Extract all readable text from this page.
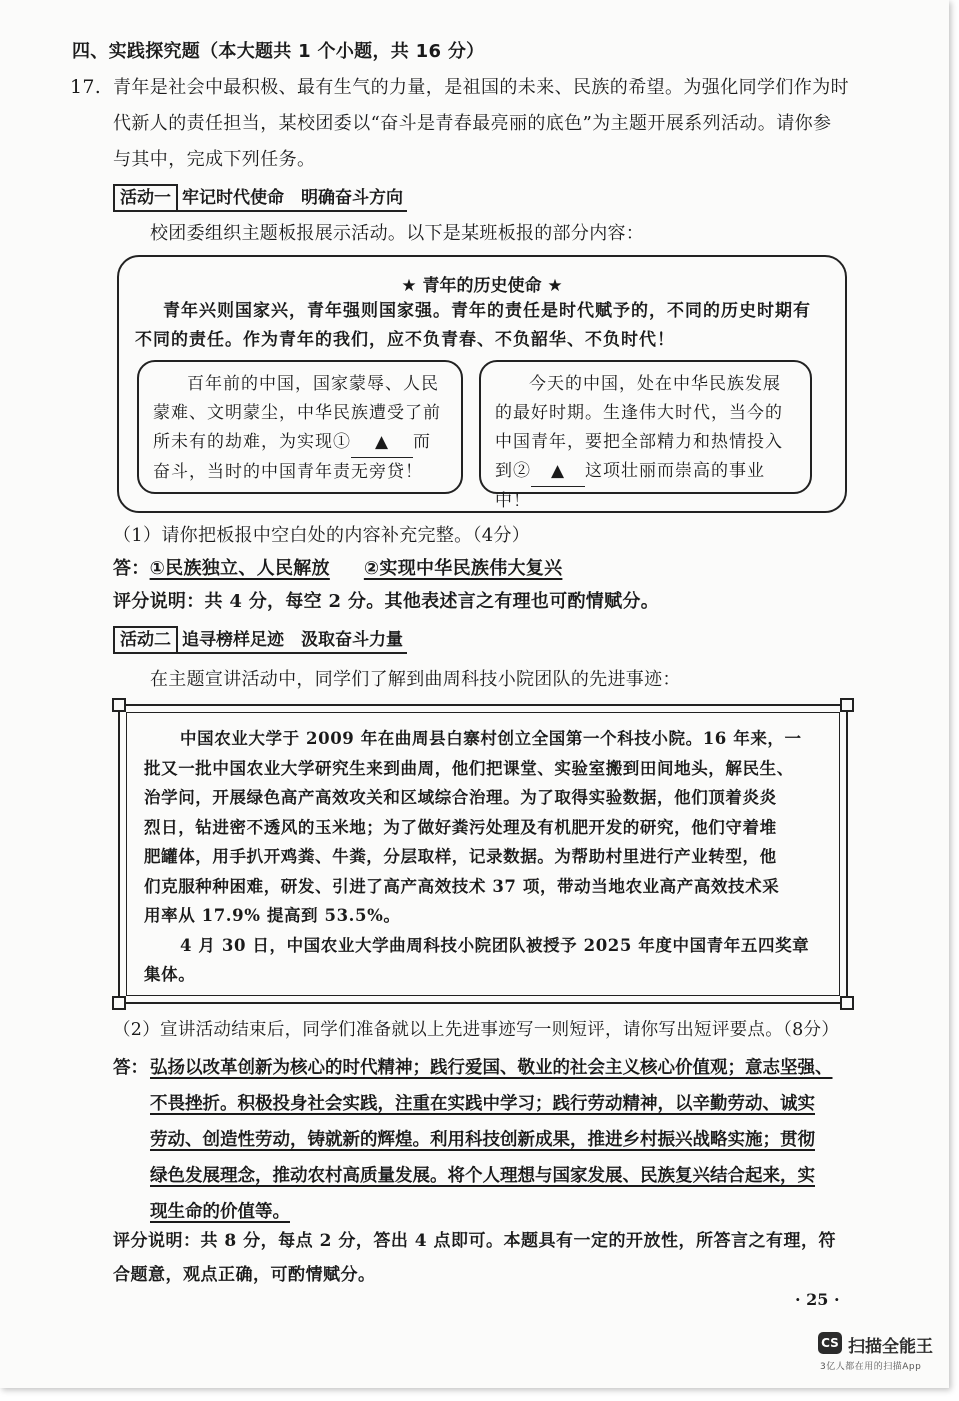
四、实践探究题（本大题共 1 个小题，共 16 分）
17. 青年是社会中最积极、最有生气的力量，是祖国的未来、民族的希望。为强化同学们作为时
代新人的责任担当，某校团委以“奋斗是青春最亮丽的底色”为主题开展系列活动。请你参
与其中，完成下列任务。
活动一 牢记时代使命　明确奋斗方向
校团委组织主题板报展示活动。以下是某班板报的部分内容：
★ 青年的历史使命 ★
青年兴则国家兴，青年强则国家强。青年的责任是时代赋予的，不同的历史时期有
不同的责任。作为青年的我们，应不负青春、不负韶华、不负时代！
百年前的中国，国家蒙辱、人民蒙难、文明蒙尘，中华民族遭受了前所未有的劫难，为实现① ▲ 而奋斗，当时的中国青年责无旁贷！
今天的中国，处在中华民族发展的最好时期。生逢伟大时代，当今的中国青年，要把全部精力和热情投入到② ▲ 这项壮丽而崇高的事业中！
（1）请你把板报中空白处的内容补充完整。（4分）
答：①民族独立、人民解放 ②实现中华民族伟大复兴
评分说明：共 4 分，每空 2 分。其他表述言之有理也可酌情赋分。
活动二 追寻榜样足迹　汲取奋斗力量
在主题宣讲活动中，同学们了解到曲周科技小院团队的先进事迹：
中国农业大学于 2009 年在曲周县白寨村创立全国第一个科技小院。16 年来，一
批又一批中国农业大学研究生来到曲周，他们把课堂、实验室搬到田间地头，解民生、
治学问，开展绿色高产高效攻关和区域综合治理。为了取得实验数据，他们顶着炎炎
烈日，钻进密不透风的玉米地；为了做好粪污处理及有机肥开发的研究，他们守着堆
肥罐体，用手扒开鸡粪、牛粪，分层取样，记录数据。为帮助村里进行产业转型，他
们克服种种困难，研发、引进了高产高效技术 37 项，带动当地农业高产高效技术采
用率从 17.9% 提高到 53.5%。
4 月 30 日，中国农业大学曲周科技小院团队被授予 2025 年度中国青年五四奖章
集体。
（2）宣讲活动结束后，同学们准备就以上先进事迹写一则短评，请你写出短评要点。（8分）
答： 弘扬以改革创新为核心的时代精神；践行爱国、敬业的社会主义核心价值观；意志坚强、
不畏挫折。积极投身社会实践，注重在实践中学习；践行劳动精神，以辛勤劳动、诚实
劳动、创造性劳动，铸就新的辉煌。利用科技创新成果，推进乡村振兴战略实施；贯彻
绿色发展理念，推动农村高质量发展。将个人理想与国家发展、民族复兴结合起来，实
现生命的价值等。
评分说明：共 8 分，每点 2 分，答出 4 点即可。本题具有一定的开放性，所答言之有理，符
合题意，观点正确，可酌情赋分。
· 25 ·
CS 扫描全能王
3亿人都在用的扫描App
